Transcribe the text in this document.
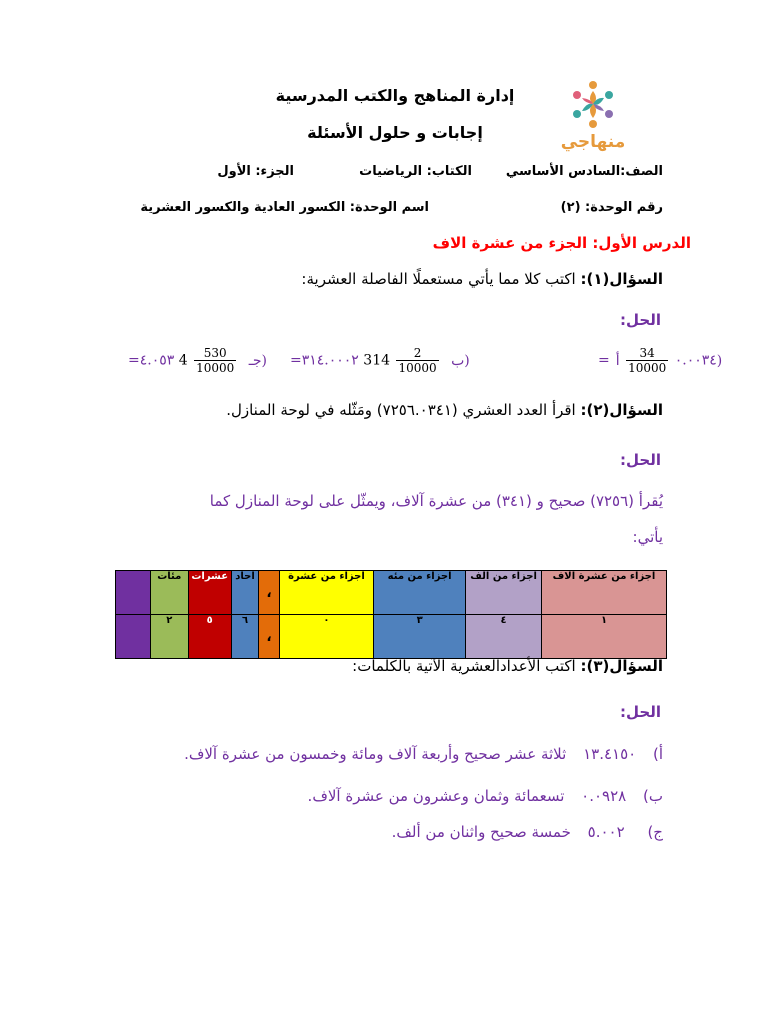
منهاجي
إدارة المناهج والكتب المدرسية
إجابات و حلول الأسئلة
الصف:السادس الأساسي
الكتاب: الرياضيات
الجزء: الأول
رقم الوحدة: (٢)
اسم الوحدة: الكسور العادية والكسور العشرية
الدرس الأول: الجزء من عشرة الاف
السؤال(١): اكتب كلا مما يأتي مستعملًا الفاصلة العشرية:
الحل:
=٠.٠٠٣٤
$\frac{34}{10000}$
أ)
=٣١٤.٠٠٠٢ $314 \frac{2}{10000}$ ب)
=٤.٠٥٣ $4 \frac{530}{10000}$ جـ)
السؤال(٢): اقرأ العدد العشري (٧٢٥٦.٠٣٤١) ومَثّله في لوحة المنازل.
الحل:
يُقرأ (٧٢٥٦) صحيح و (٣٤١) من عشرة آلاف، ويمثّل على لوحة المنازل كما
يأتي:
	مئات	عشرات	احاد	،	اجزاء من عشرة	اجزاء من مئه	اجزاء من الف	اجزاء من عشرة الاف
	٢	٥	٦	،	٠	٣	٤	١
السؤال(٣): اكتب الأعدادالعشرية الآتية بالكلمات:
الحل:
أ) ١٣.٤١٥٠ ثلاثة عشر صحيح وأربعة آلاف ومائة وخمسون من عشرة آلاف.
ب) ٠.٠٩٢٨ تسعمائة وثمان وعشرون من عشرة آلاف.
ج) ٥.٠٠٢ خمسة صحيح واثنان من ألف.
